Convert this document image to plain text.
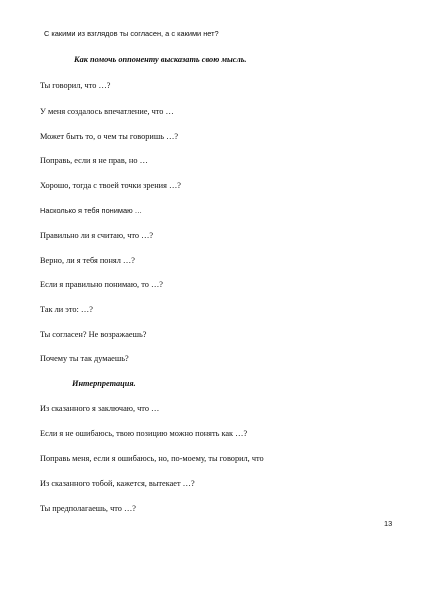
С какими из взглядов ты согласен, а с какими нет?
Как помочь оппоненту высказать свою мысль.
Ты говорил, что …?
У меня создалось впечатление, что …
Может быть то, о чем ты говоришь …?
Поправь, если я не прав, но …
Хорошо, тогда с твоей точки зрения …?
Насколько я тебя понимаю …
Правильно ли я считаю, что …?
Верно, ли я тебя понял …?
Если я правильно понимаю, то …?
Так ли это: …?
Ты согласен? Не возражаешь?
Почему ты так думаешь?
Интерпретация.
Из сказанного я заключаю, что …
Если я не ошибаюсь, твою позицию можно понять как …?
Поправь меня, если я ошибаюсь, но, по-моему, ты говорил, что
Из сказанного тобой, кажется, вытекает …?
Ты предполагаешь, что …?
13
